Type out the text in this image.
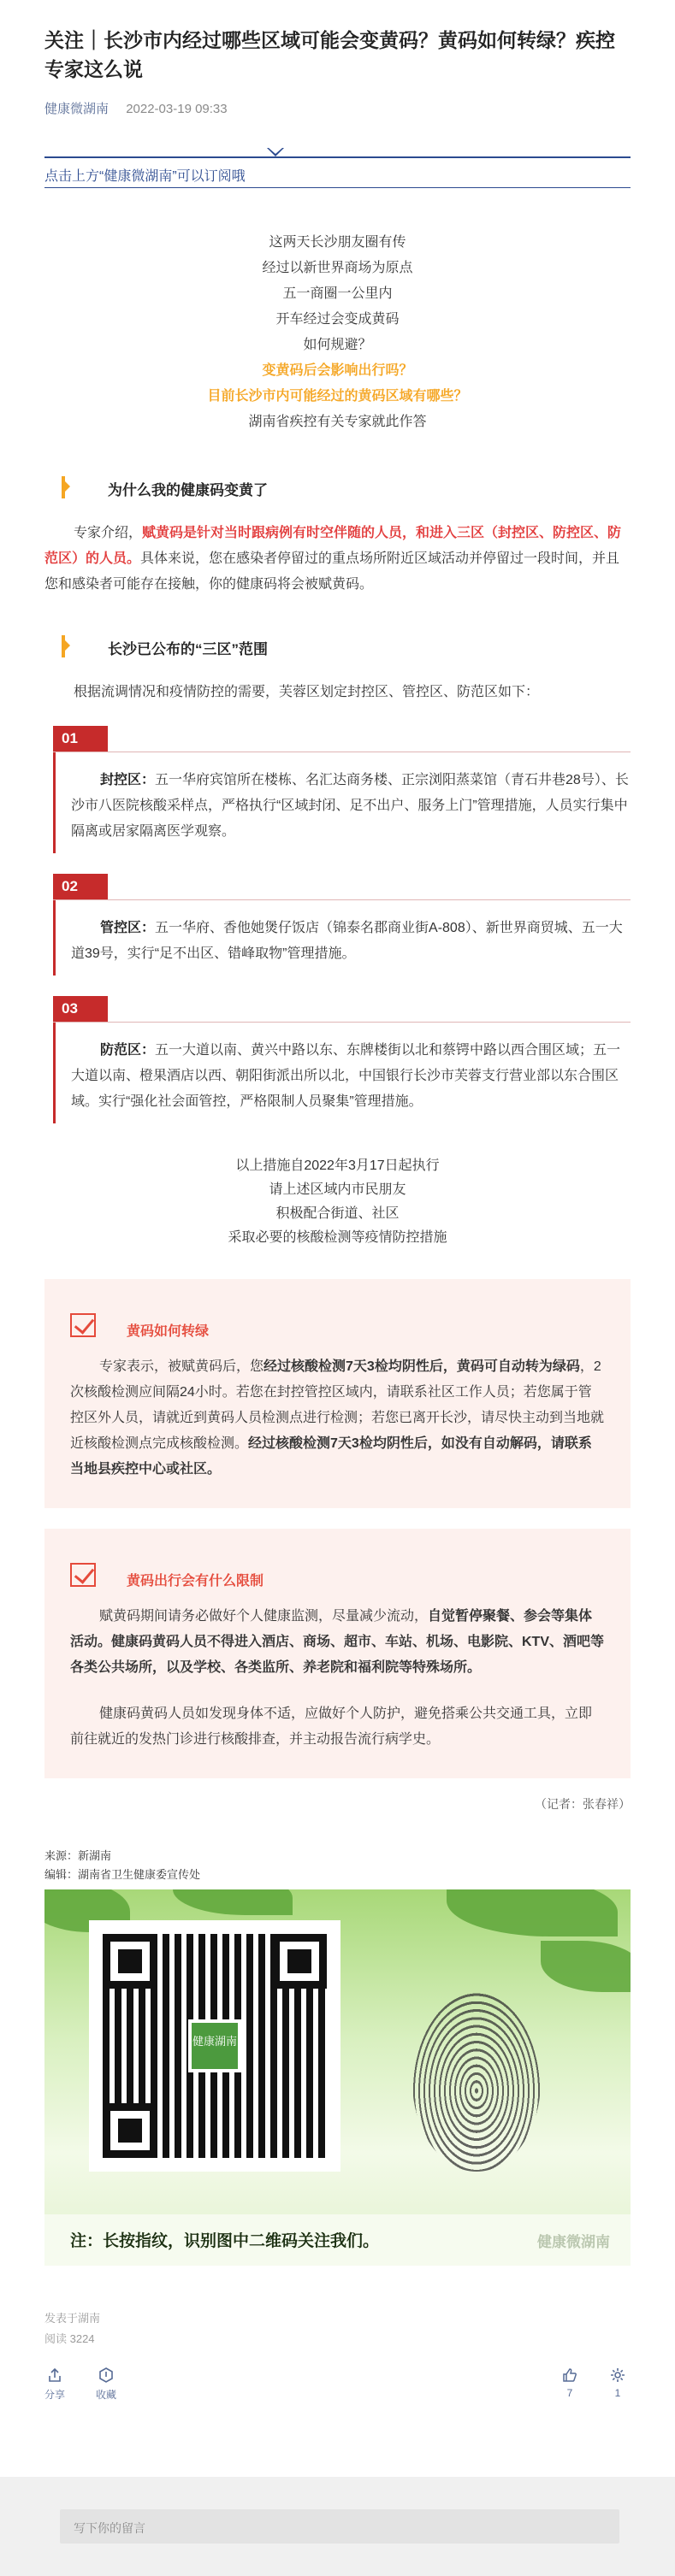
关注｜长沙市内经过哪些区域可能会变黄码？黄码如何转绿？疾控专家这么说
健康微湖南 2022-03-19 09:33
点击上方“健康微湖南”可以订阅哦
这两天长沙朋友圈有传
经过以新世界商场为原点
五一商圈一公里内
开车经过会变成黄码
如何规避？
变黄码后会影响出行吗？
目前长沙市内可能经过的黄码区域有哪些？
湖南省疾控有关专家就此作答
为什么我的健康码变黄了

专家介绍，赋黄码是针对当时跟病例有时空伴随的人员，和进入三区（封控区、防控区、防范区）的人员。具体来说，您在感染者停留过的重点场所附近区域活动并停留过一段时间，并且您和感染者可能存在接触，你的健康码将会被赋黄码。

长沙已公布的“三区”范围

根据流调情况和疫情防控的需要，芙蓉区划定封控区、管控区、防范区如下：

01
封控区：五一华府宾馆所在楼栋、名汇达商务楼、正宗浏阳蒸菜馆（青石井巷28号）、长沙市八医院核酸采样点，严格执行“区域封闭、足不出户、服务上门”管理措施，人员实行集中隔离或居家隔离医学观察。
02
管控区：五一华府、香他她煲仔饭店（锦泰名郡商业街A-808）、新世界商贸城、五一大道39号，实行“足不出区、错峰取物”管理措施。
03
防范区：五一大道以南、黄兴中路以东、东牌楼街以北和蔡锷中路以西合围区域；五一大道以南、橙果酒店以西、朝阳街派出所以北，中国银行长沙市芙蓉支行营业部以东合围区域。实行“强化社会面管控，严格限制人员聚集”管理措施。
以上措施自2022年3月17日起执行
请上述区域内市民朋友
积极配合街道、社区
采取必要的核酸检测等疫情防控措施
黄码如何转绿

专家表示，被赋黄码后，您经过核酸检测7天3检均阴性后，黄码可自动转为绿码，2次核酸检测应间隔24小时。若您在封控管控区域内，请联系社区工作人员；若您属于管控区外人员，请就近到黄码人员检测点进行检测；若您已离开长沙，请尽快主动到当地就近核酸检测点完成核酸检测。经过核酸检测7天3检均阴性后，如没有自动解码，请联系当地县疾控中心或社区。

黄码出行会有什么限制

赋黄码期间请务必做好个人健康监测，尽量减少流动，自觉暂停聚餐、参会等集体活动。健康码黄码人员不得进入酒店、商场、超市、车站、机场、电影院、KTV、酒吧等各类公共场所，以及学校、各类监所、养老院和福利院等特殊场所。

健康码黄码人员如发现身体不适，应做好个人防护，避免搭乘公共交通工具，立即前往就近的发热门诊进行核酸排查，并主动报告流行病学史。

（记者：张春祥）
来源：新湖南
编辑：湖南省卫生健康委宣传处
健康湖南
注：长按指纹，识别图中二维码关注我们。	健康微湖南
发表于湖南
阅读 3224
分享	收藏	7	1
写下你的留言
